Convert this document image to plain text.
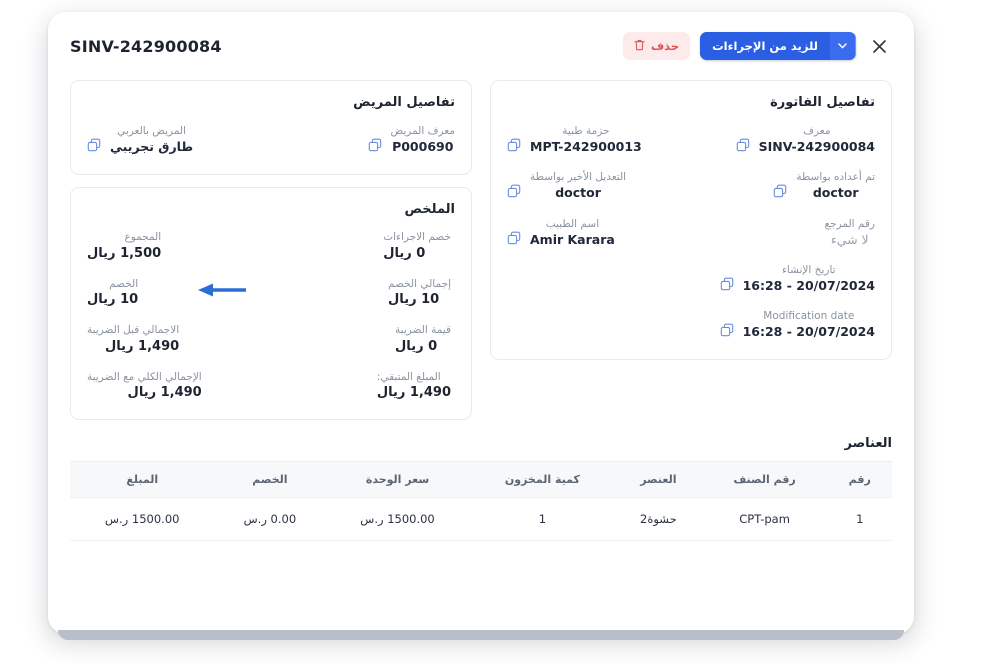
للزيد من الإجراءات
حذف
SINV-242900084
تفاصيل الفاتورة
معرف
SINV-242900084
حزمة طبية
MPT-242900013
تم أعداده بواسطة
doctor
التعديل الأخير بواسطة
doctor
رقم المرجع
لا شيء
اسم الطبيب
Amir Karara
تاريخ الإنشاء
20/07/2024 - 16:28
Modification date
20/07/2024 - 16:28
تفاصيل المريض
معرف المريض
P000690
المريض بالعربي
طارق تجريبي
الملخص
خصم الاجراءات
0 ريال
إجمالي الخصم
10 ريال
قيمة الضريبة
0 ريال
المبلغ المتبقي:
1,490 ريال
المجموع
1,500 ريال
الخصم
10 ريال
الاجمالي قبل الضريبة
1,490 ريال
الإجمالي الكلي مع الضريبة
1,490 ريال
العناصر
رقم	رقم الصنف	العنصر	كمية المخزون	سعر الوحدة	الخصم	المبلغ
1	CPT-pam	حشوة2	1	1500.00 ر.س	0.00 ر.س	1500.00 ر.س
